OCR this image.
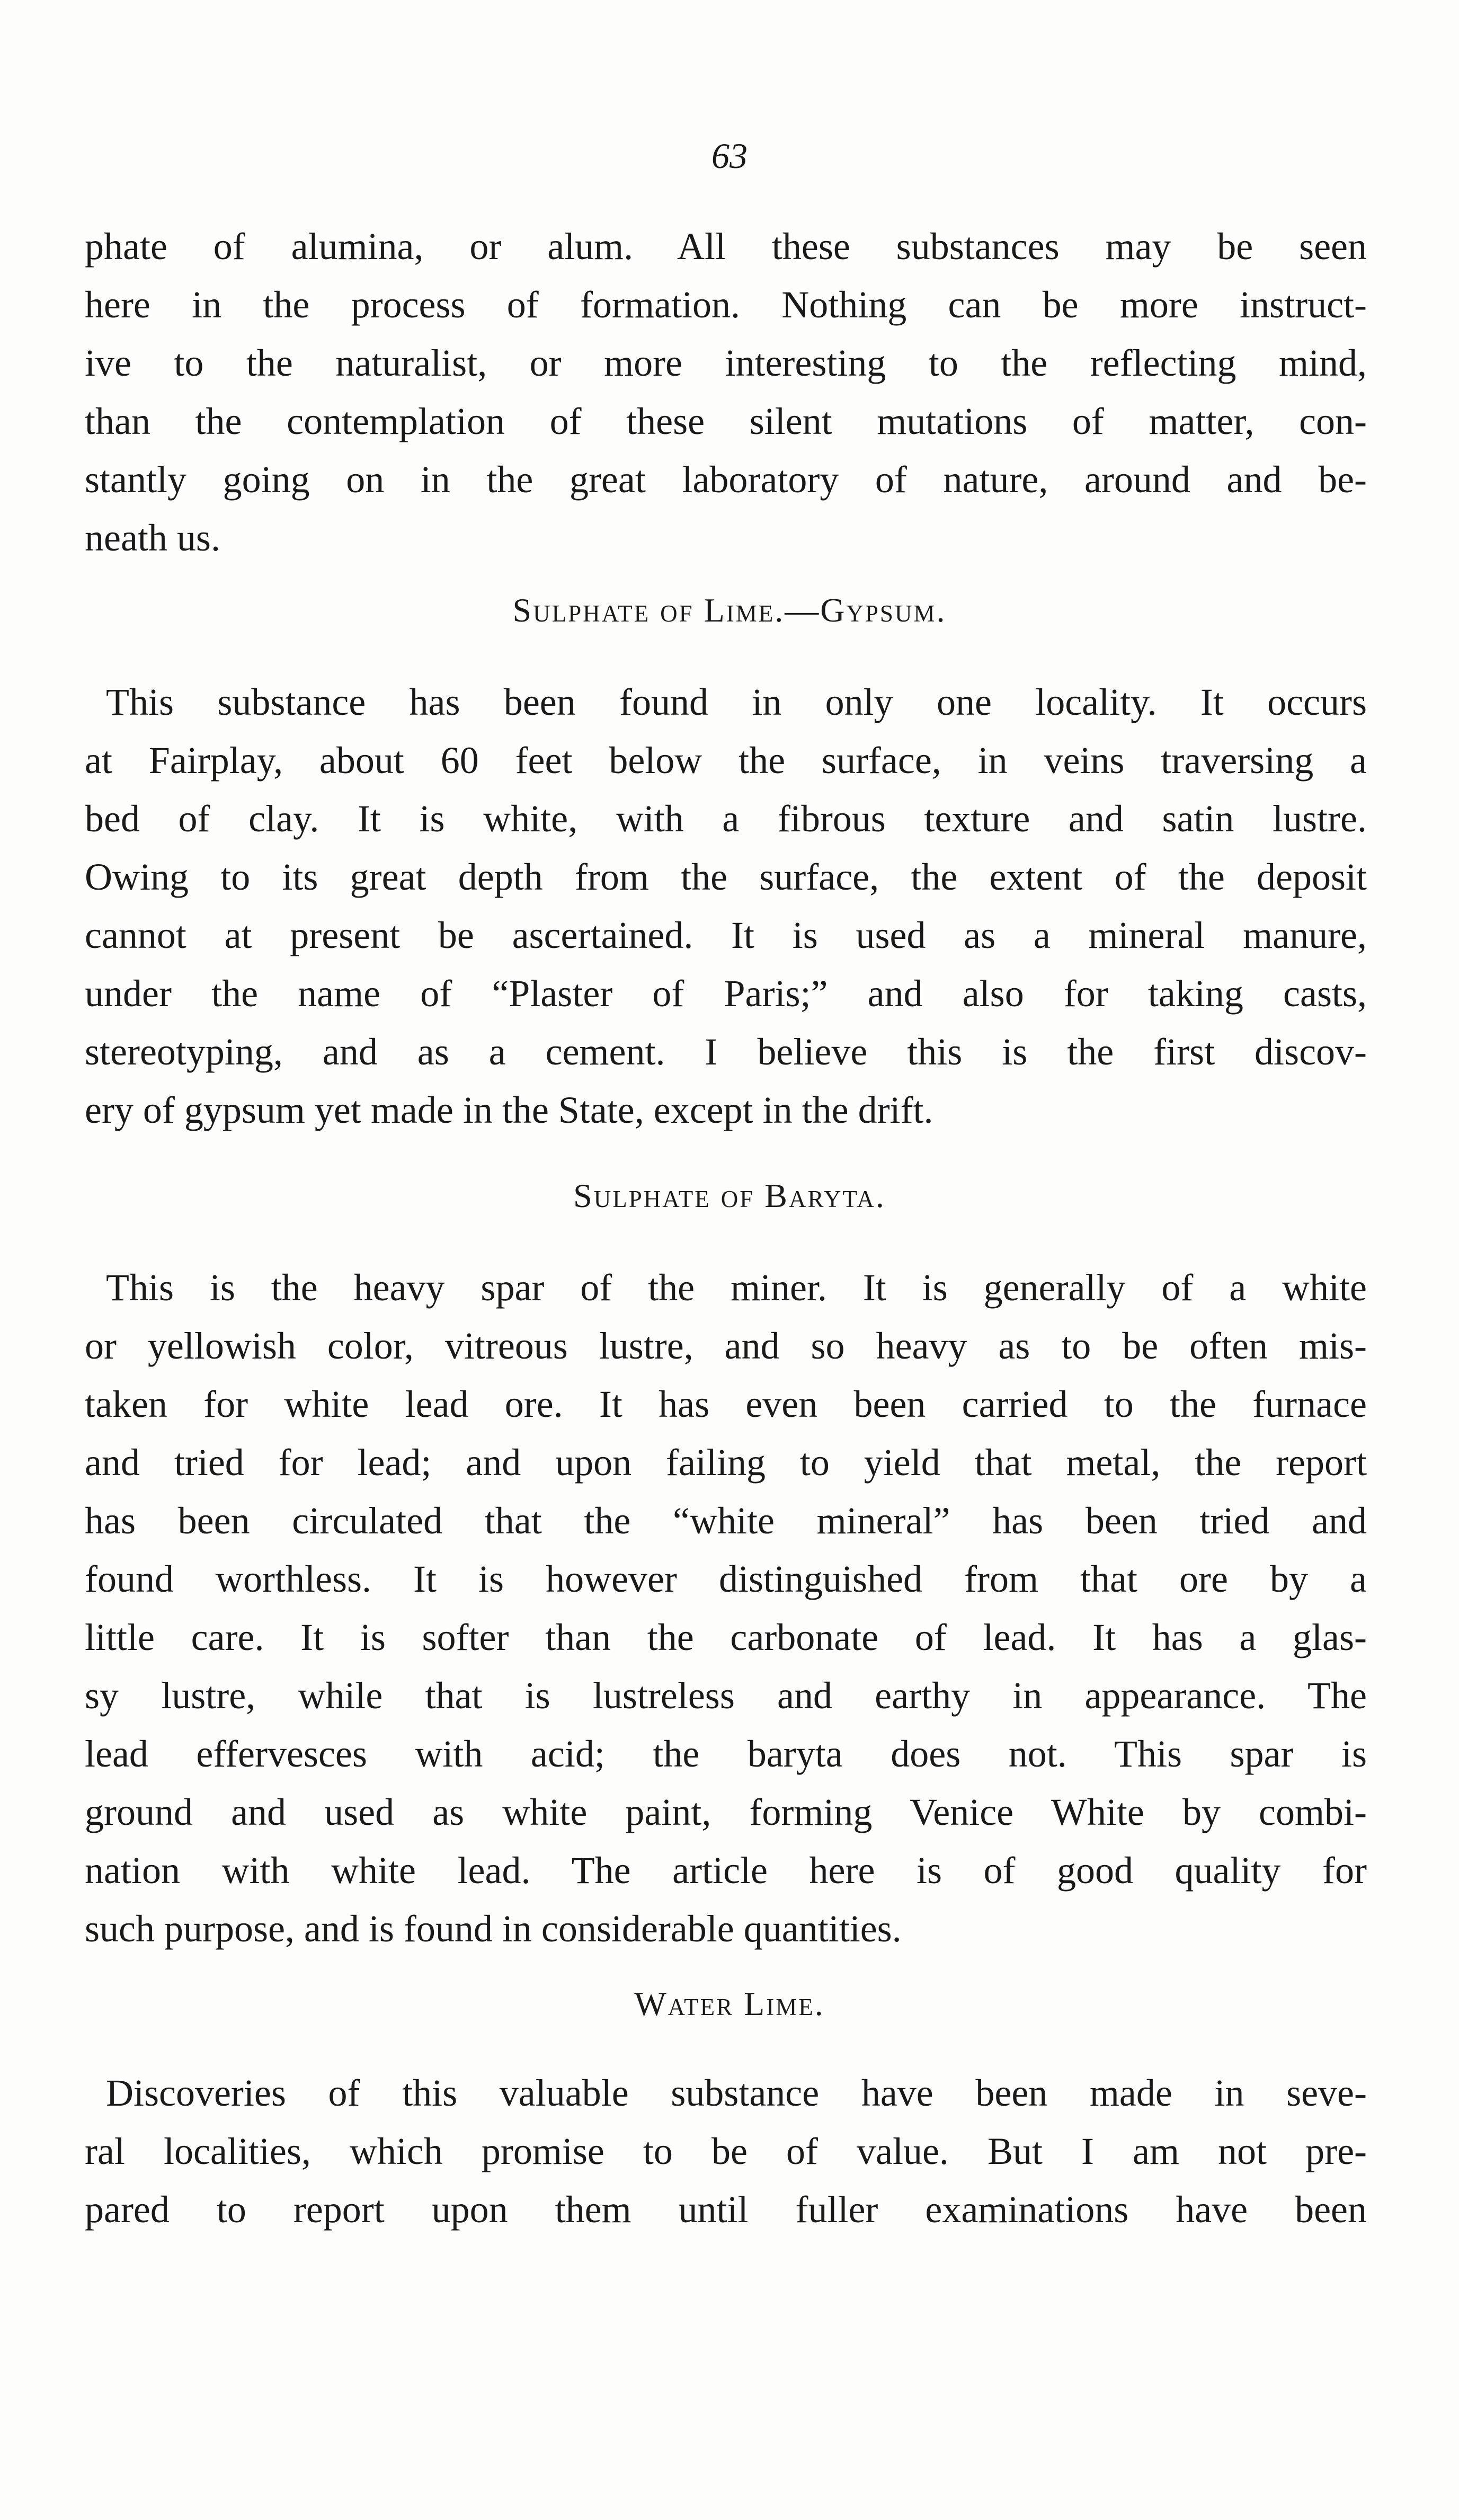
63
phate of alumina, or alum. All these substances may be seen
here in the process of formation. Nothing can be more instruct-
ive to the naturalist, or more interesting to the reflecting mind,
than the contemplation of these silent mutations of matter, con-
stantly going on in the great laboratory of nature, around and be-
neath us.
Sulphate of Lime.—Gypsum.
This substance has been found in only one locality. It occurs
at Fairplay, about 60 feet below the surface, in veins traversing a
bed of clay. It is white, with a fibrous texture and satin lustre.
Owing to its great depth from the surface, the extent of the deposit
cannot at present be ascertained. It is used as a mineral manure,
under the name of “Plaster of Paris;” and also for taking casts,
stereotyping, and as a cement. I believe this is the first discov-
ery of gypsum yet made in the State, except in the drift.
Sulphate of Baryta.
This is the heavy spar of the miner. It is generally of a white
or yellowish color, vitreous lustre, and so heavy as to be often mis-
taken for white lead ore. It has even been carried to the furnace
and tried for lead; and upon failing to yield that metal, the report
has been circulated that the “white mineral” has been tried and
found worthless. It is however distinguished from that ore by a
little care. It is softer than the carbonate of lead. It has a glas-
sy lustre, while that is lustreless and earthy in appearance. The
lead effervesces with acid; the baryta does not. This spar is
ground and used as white paint, forming Venice White by combi-
nation with white lead. The article here is of good quality for
such purpose, and is found in considerable quantities.
Water Lime.
Discoveries of this valuable substance have been made in seve-
ral localities, which promise to be of value. But I am not pre-
pared to report upon them until fuller examinations have been
